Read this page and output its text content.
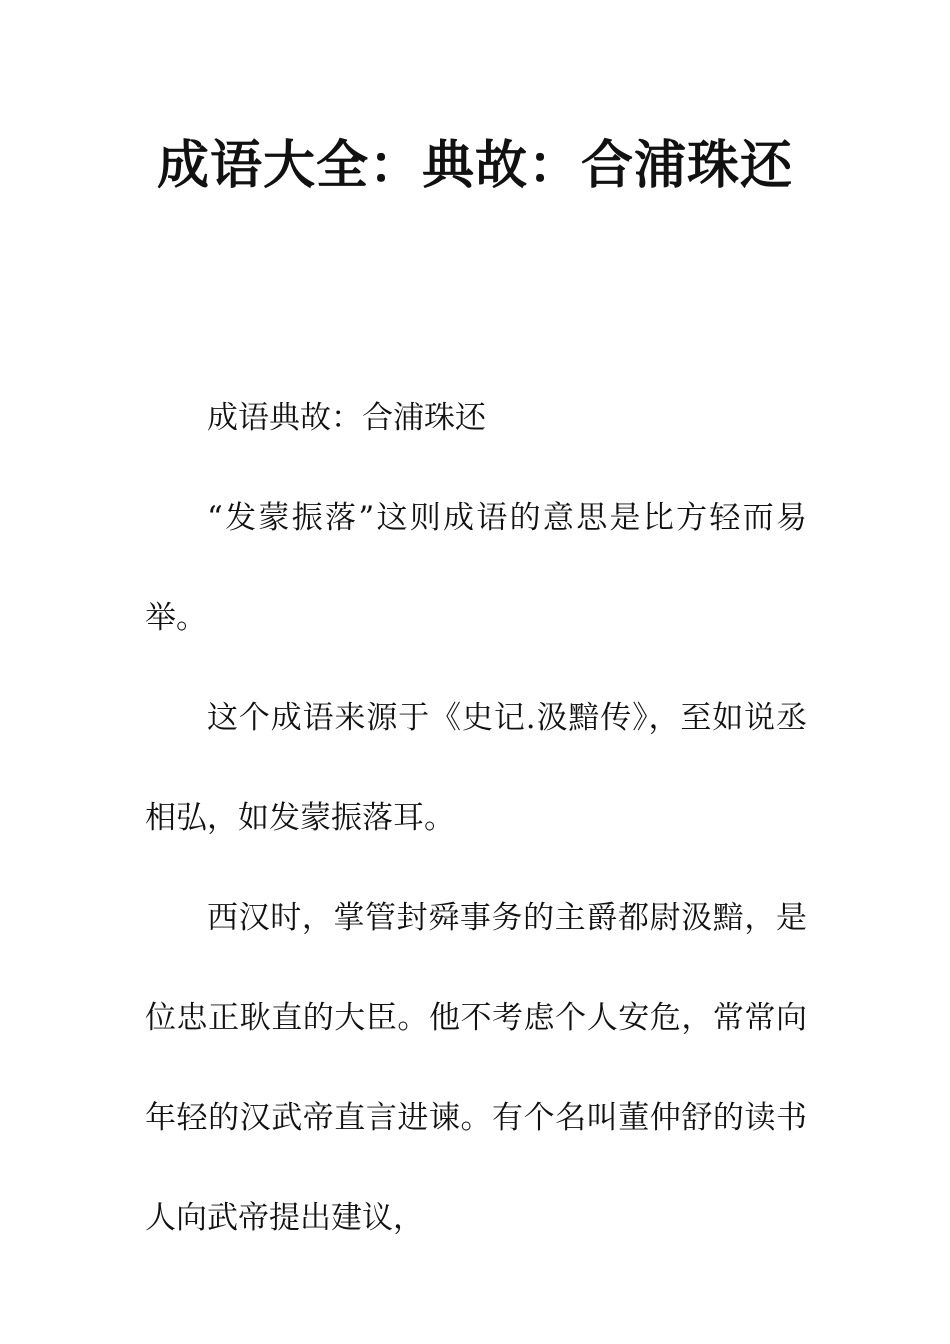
成语大全：典故：合浦珠还

成语典故：合浦珠还

“发蒙振落”这则成语的意思是比方轻而易举。

这个成语来源于《史记.汲黯传》，至如说丞相弘，如发蒙振落耳。

西汉时，掌管封舜事务的主爵都尉汲黯，是位忠正耿直的大臣。他不考虑个人安危，常常向年轻的汉武帝直言进谏。有个名叫董仲舒的读书人向武帝提出建议，
